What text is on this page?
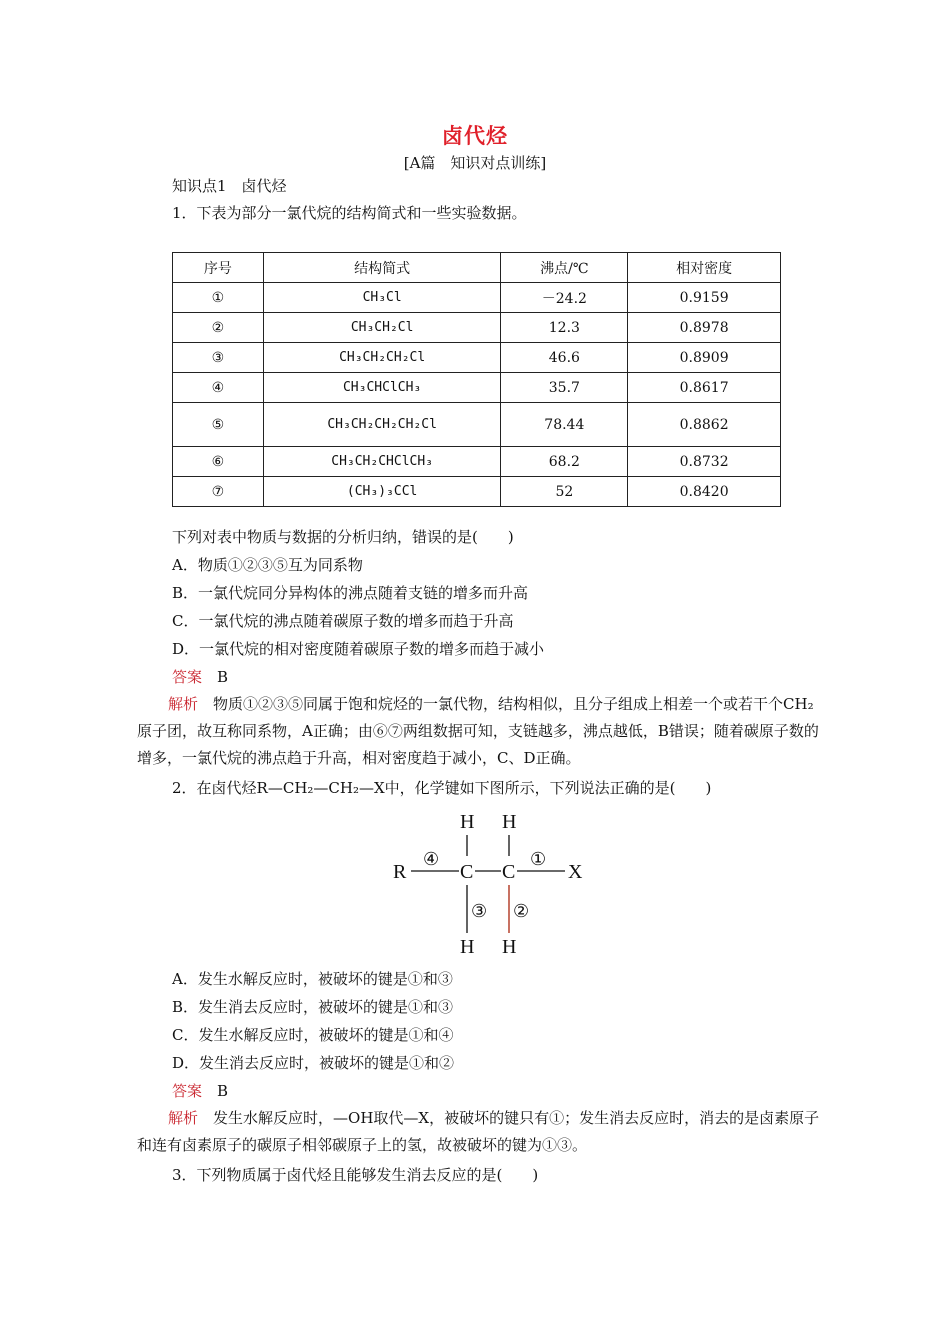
卤代烃
[A篇　知识对点训练]
知识点1　卤代烃
1．下表为部分一氯代烷的结构简式和一些实验数据。
序号	结构简式	沸点/℃	相对密度
①	CH₃Cl	－24.2	0.9159
②	CH₃CH₂Cl	12.3	0.8978
③	CH₃CH₂CH₂Cl	46.6	0.8909
④	CH₃CHClCH₃	35.7	0.8617
⑤	CH₃CH₂CH₂CH₂Cl	78.44	0.8862
⑥	CH₃CH₂CHClCH₃	68.2	0.8732
⑦	(CH₃)₃CCl	52	0.8420
下列对表中物质与数据的分析归纳，错误的是(　　)
A．物质①②③⑤互为同系物
B．一氯代烷同分异构体的沸点随着支链的增多而升高
C．一氯代烷的沸点随着碳原子数的增多而趋于升高
D．一氯代烷的相对密度随着碳原子数的增多而趋于减小
答案　 B
解析　 物质①②③⑤同属于饱和烷烃的一氯代物，结构相似，且分子组成上相差一个或若干个CH₂原子团，故互称同系物，A正确；由⑥⑦两组数据可知，支链越多，沸点越低，B错误；随着碳原子数的增多，一氯代烷的沸点趋于升高，相对密度趋于减小，C、D正确。
2．在卤代烃R—CH₂—CH₂—X中，化学键如下图所示，下列说法正确的是(　　)
R	C C	X
H H
H H
④	①
③ ②
A．发生水解反应时，被破坏的键是①和③
B．发生消去反应时，被破坏的键是①和③
C．发生水解反应时，被破坏的键是①和④
D．发生消去反应时，被破坏的键是①和②
答案　 B
解析　 发生水解反应时，—OH取代—X，被破坏的键只有①；发生消去反应时，消去的是卤素原子和连有卤素原子的碳原子相邻碳原子上的氢，故被破坏的键为①③。
3．下列物质属于卤代烃且能够发生消去反应的是(　　)
